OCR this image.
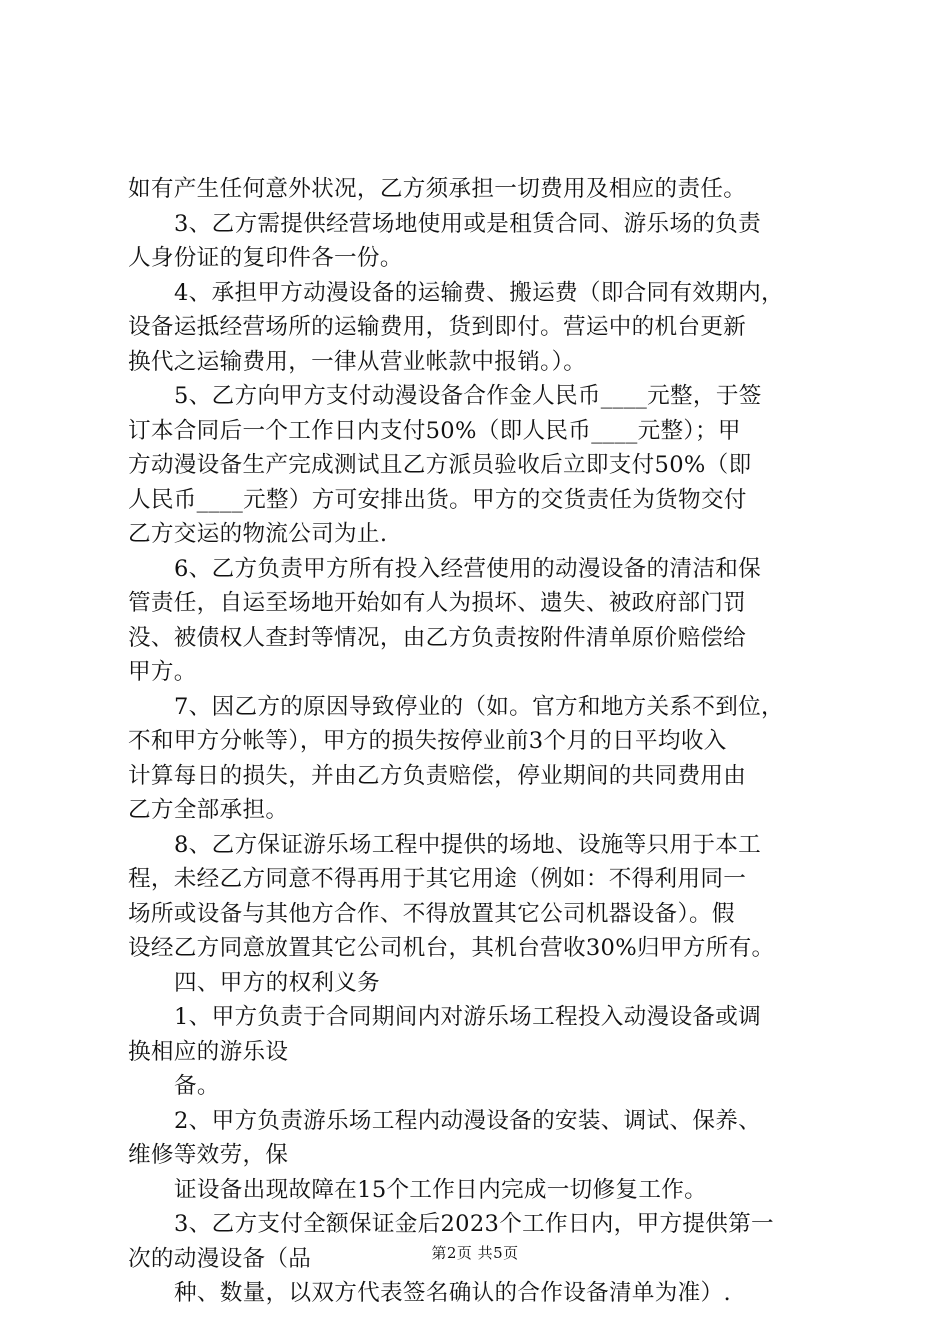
如有产生任何意外状况，乙方须承担一切费用及相应的责任。
3、乙方需提供经营场地使用或是租赁合同、游乐场的负责
人身份证的复印件各一份。
4、承担甲方动漫设备的运输费、搬运费（即合同有效期内，
设备运抵经营场所的运输费用，货到即付。营运中的机台更新
换代之运输费用，一律从营业帐款中报销。）。
5、乙方向甲方支付动漫设备合作金人民币____元整，于签
订本合同后一个工作日内支付50%（即人民币____元整）；甲
方动漫设备生产完成测试且乙方派员验收后立即支付50%（即
人民币____元整）方可安排出货。甲方的交货责任为货物交付
乙方交运的物流公司为止.
6、乙方负责甲方所有投入经营使用的动漫设备的清洁和保
管责任，自运至场地开始如有人为损坏、遗失、被政府部门罚
没、被债权人查封等情况，由乙方负责按附件清单原价赔偿给
甲方。
7、因乙方的原因导致停业的（如。官方和地方关系不到位，
不和甲方分帐等），甲方的损失按停业前3个月的日平均收入
计算每日的损失，并由乙方负责赔偿，停业期间的共同费用由
乙方全部承担。
8、乙方保证游乐场工程中提供的场地、设施等只用于本工
程，未经乙方同意不得再用于其它用途（例如：不得利用同一
场所或设备与其他方合作、不得放置其它公司机器设备）。假
设经乙方同意放置其它公司机台，其机台营收30%归甲方所有。
四、甲方的权利义务
1、甲方负责于合同期间内对游乐场工程投入动漫设备或调
换相应的游乐设
备。
2、甲方负责游乐场工程内动漫设备的安装、调试、保养、
维修等效劳，保
证设备出现故障在15个工作日内完成一切修复工作。
3、乙方支付全额保证金后2023个工作日内，甲方提供第一
次的动漫设备（品
种、数量，以双方代表签名确认的合作设备清单为准）.
第2页 共5页
